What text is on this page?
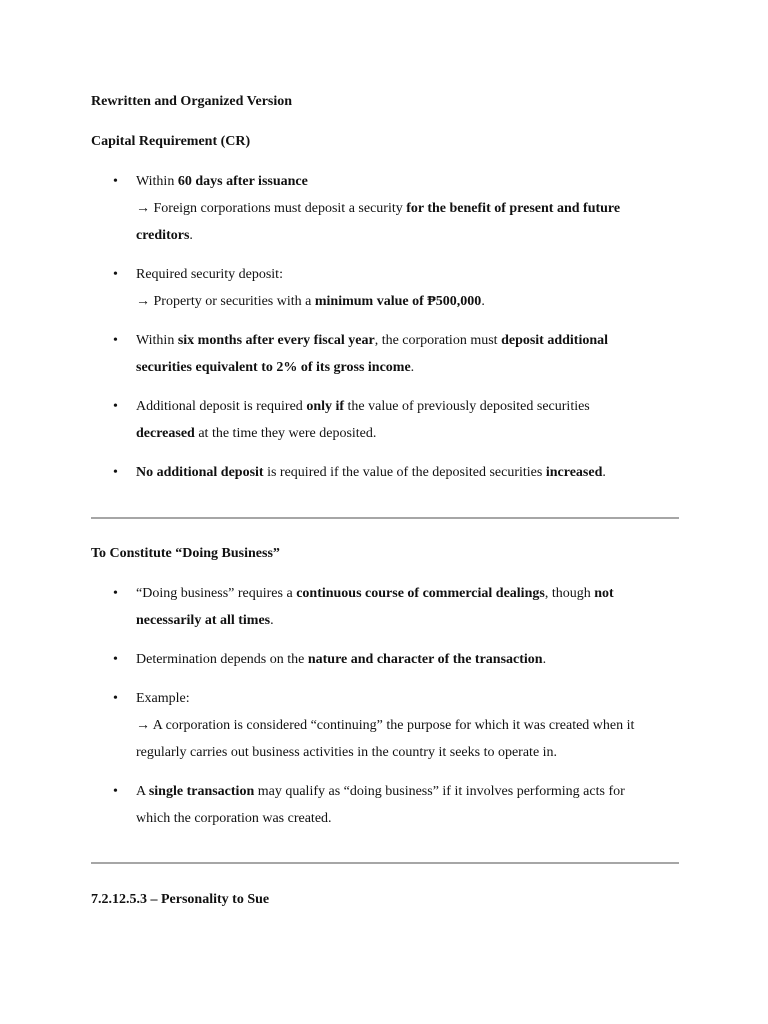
Rewritten and Organized Version
Capital Requirement (CR)
• Within 60 days after issuance
→ Foreign corporations must deposit a security for the benefit of present and future
creditors.
• Required security deposit:
→ Property or securities with a minimum value of ₱500,000.
• Within six months after every fiscal year, the corporation must deposit additional
securities equivalent to 2% of its gross income.
• Additional deposit is required only if the value of previously deposited securities
decreased at the time they were deposited.
• No additional deposit is required if the value of the deposited securities increased.
To Constitute “Doing Business”
• “Doing business” requires a continuous course of commercial dealings, though not
necessarily at all times.
• Determination depends on the nature and character of the transaction.
• Example:
→ A corporation is considered “continuing” the purpose for which it was created when it
regularly carries out business activities in the country it seeks to operate in.
• A single transaction may qualify as “doing business” if it involves performing acts for
which the corporation was created.
7.2.12.5.3 – Personality to Sue
